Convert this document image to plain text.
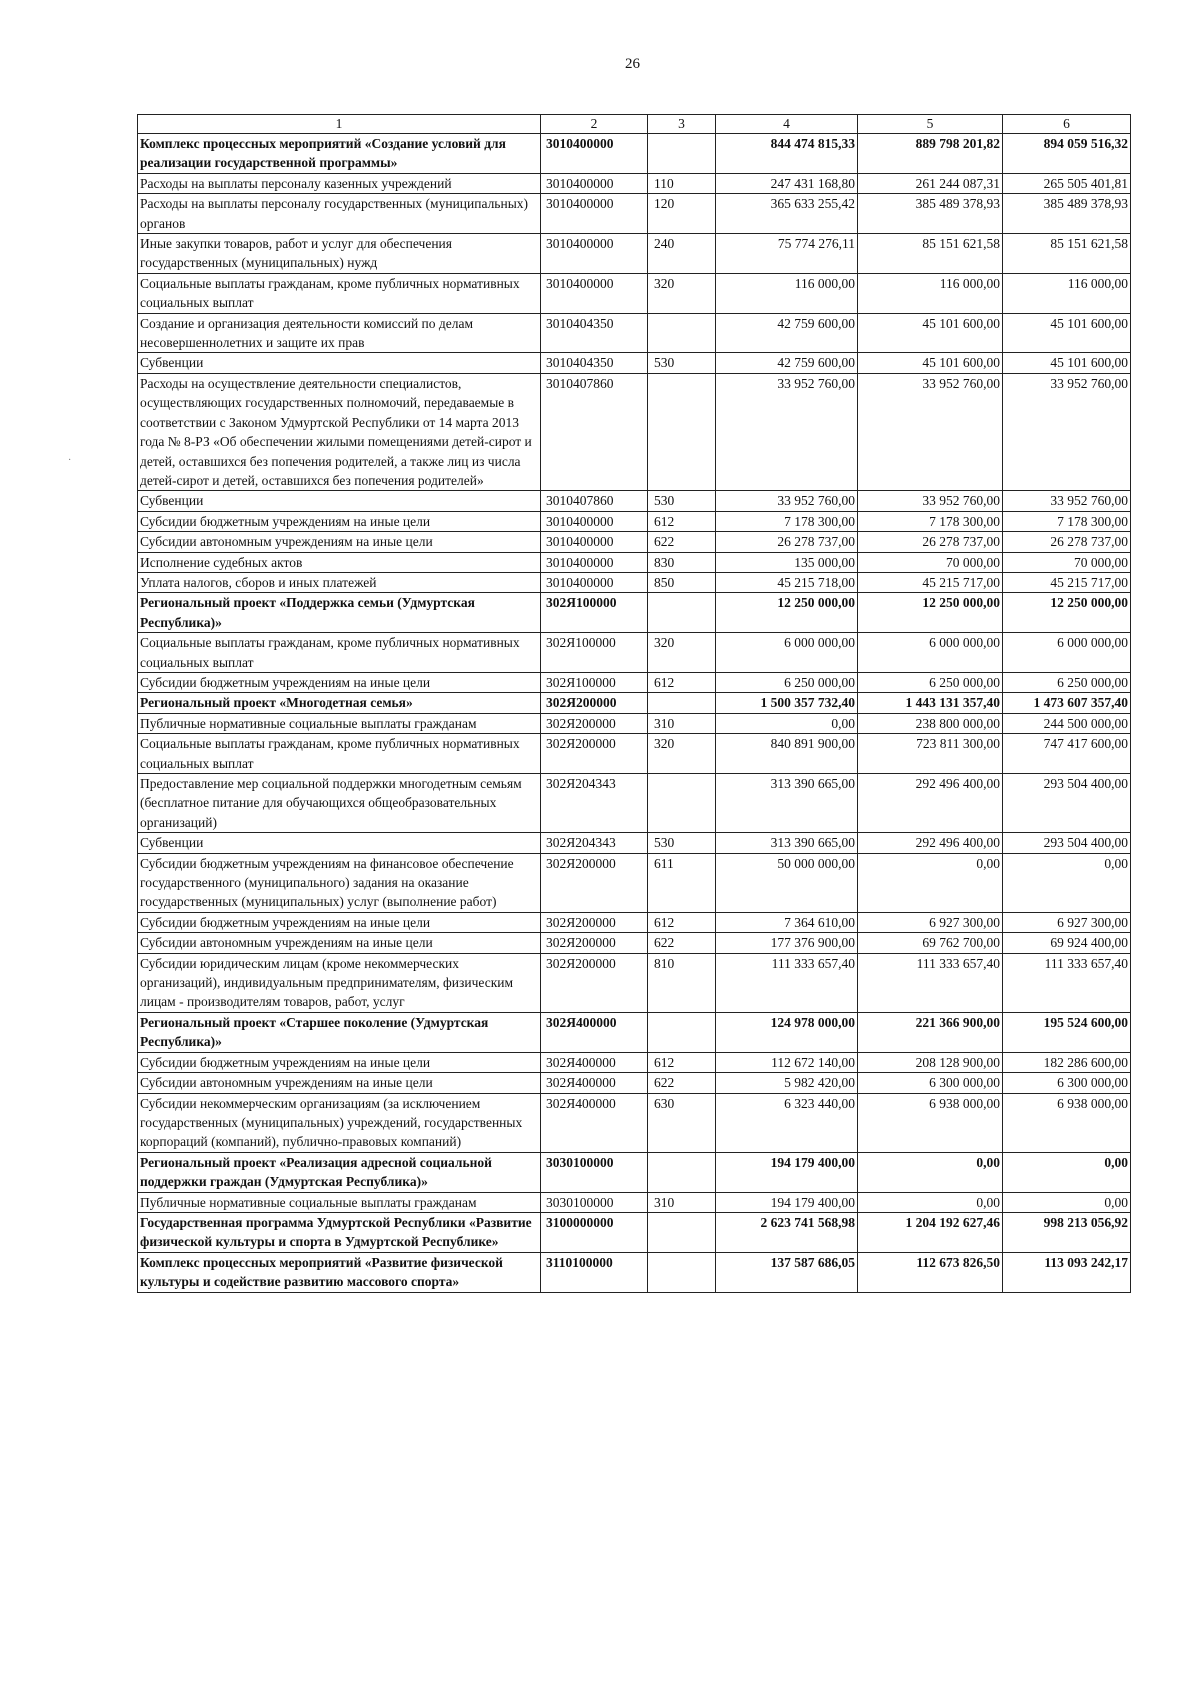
26
·
1	2	3	4	5	6
Комплекс процессных мероприятий «Создание условий для реализации государственной программы»	3010400000		844 474 815,33	889 798 201,82	894 059 516,32
Расходы на выплаты персоналу казенных учреждений	3010400000	110	247 431 168,80	261 244 087,31	265 505 401,81
Расходы на выплаты персоналу государственных (муниципальных) органов	3010400000	120	365 633 255,42	385 489 378,93	385 489 378,93
Иные закупки товаров, работ и услуг для обеспечения государственных (муниципальных) нужд	3010400000	240	75 774 276,11	85 151 621,58	85 151 621,58
Социальные выплаты гражданам, кроме публичных нормативных социальных выплат	3010400000	320	116 000,00	116 000,00	116 000,00
Создание и организация деятельности комиссий по делам несовершеннолетних и защите их прав	3010404350		42 759 600,00	45 101 600,00	45 101 600,00
Субвенции	3010404350	530	42 759 600,00	45 101 600,00	45 101 600,00
Расходы на осуществление деятельности специалистов, осуществляющих государственных полномочий, передаваемые в соответствии с Законом Удмуртской Республики от 14 марта 2013 года № 8-РЗ «Об обеспечении жилыми помещениями детей-сирот и детей, оставшихся без попечения родителей, а также лиц из числа детей-сирот и детей, оставшихся без попечения родителей»	3010407860		33 952 760,00	33 952 760,00	33 952 760,00
Субвенции	3010407860	530	33 952 760,00	33 952 760,00	33 952 760,00
Субсидии бюджетным учреждениям на иные цели	3010400000	612	7 178 300,00	7 178 300,00	7 178 300,00
Субсидии автономным учреждениям на иные цели	3010400000	622	26 278 737,00	26 278 737,00	26 278 737,00
Исполнение судебных актов	3010400000	830	135 000,00	70 000,00	70 000,00
Уплата налогов, сборов и иных платежей	3010400000	850	45 215 718,00	45 215 717,00	45 215 717,00
Региональный проект «Поддержка семьи (Удмуртская Республика)»	302Я100000		12 250 000,00	12 250 000,00	12 250 000,00
Социальные выплаты гражданам, кроме публичных нормативных социальных выплат	302Я100000	320	6 000 000,00	6 000 000,00	6 000 000,00
Субсидии бюджетным учреждениям на иные цели	302Я100000	612	6 250 000,00	6 250 000,00	6 250 000,00
Региональный проект «Многодетная семья»	302Я200000		1 500 357 732,40	1 443 131 357,40	1 473 607 357,40
Публичные нормативные социальные выплаты гражданам	302Я200000	310	0,00	238 800 000,00	244 500 000,00
Социальные выплаты гражданам, кроме публичных нормативных социальных выплат	302Я200000	320	840 891 900,00	723 811 300,00	747 417 600,00
Предоставление мер социальной поддержки многодетным семьям (бесплатное питание для обучающихся общеобразовательных организаций)	302Я204343		313 390 665,00	292 496 400,00	293 504 400,00
Субвенции	302Я204343	530	313 390 665,00	292 496 400,00	293 504 400,00
Субсидии бюджетным учреждениям на финансовое обеспечение государственного (муниципального) задания на оказание государственных (муниципальных) услуг (выполнение работ)	302Я200000	611	50 000 000,00	0,00	0,00
Субсидии бюджетным учреждениям на иные цели	302Я200000	612	7 364 610,00	6 927 300,00	6 927 300,00
Субсидии автономным учреждениям на иные цели	302Я200000	622	177 376 900,00	69 762 700,00	69 924 400,00
Субсидии юридическим лицам (кроме некоммерческих организаций), индивидуальным предпринимателям, физическим лицам - производителям товаров, работ, услуг	302Я200000	810	111 333 657,40	111 333 657,40	111 333 657,40
Региональный проект «Старшее поколение (Удмуртская Республика)»	302Я400000		124 978 000,00	221 366 900,00	195 524 600,00
Субсидии бюджетным учреждениям на иные цели	302Я400000	612	112 672 140,00	208 128 900,00	182 286 600,00
Субсидии автономным учреждениям на иные цели	302Я400000	622	5 982 420,00	6 300 000,00	6 300 000,00
Субсидии некоммерческим организациям (за исключением государственных (муниципальных) учреждений, государственных корпораций (компаний), публично-правовых компаний)	302Я400000	630	6 323 440,00	6 938 000,00	6 938 000,00
Региональный проект «Реализация адресной социальной поддержки граждан (Удмуртская Республика)»	3030100000		194 179 400,00	0,00	0,00
Публичные нормативные социальные выплаты гражданам	3030100000	310	194 179 400,00	0,00	0,00
Государственная программа Удмуртской Республики «Развитие физической культуры и спорта в Удмуртской Республике»	3100000000		2 623 741 568,98	1 204 192 627,46	998 213 056,92
Комплекс процессных мероприятий «Развитие физической культуры и содействие развитию массового спорта»	3110100000		137 587 686,05	112 673 826,50	113 093 242,17
